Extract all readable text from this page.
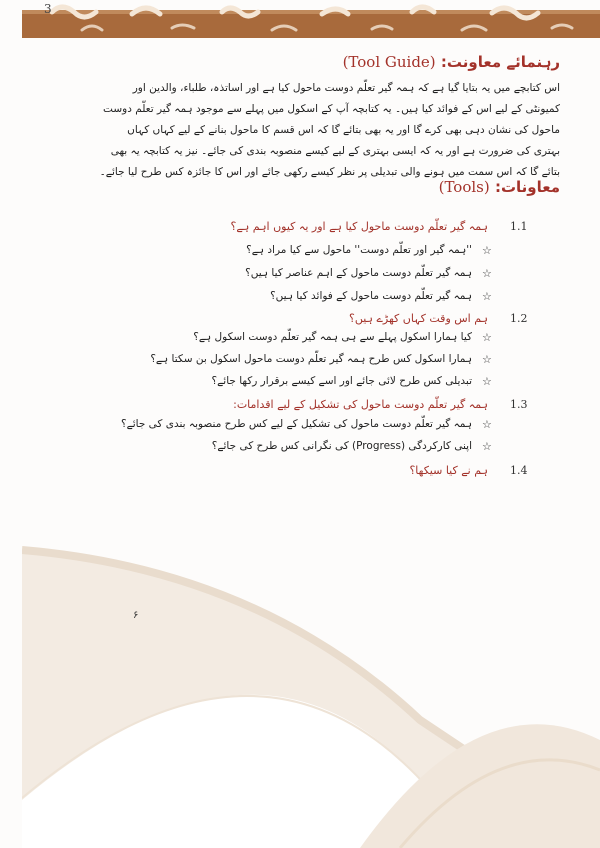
3
رہنمائے معاونت: (Tool Guide)
اس کتابچے میں یہ بتایا گیا ہے کہ ہمہ گیر تعلّم دوست ماحول کیا ہے اور اساتذہ، طلباء، والدین اور کمیونٹی کے لیے اس کے فوائد کیا ہیں۔ یہ کتابچہ آپ کے اسکول میں پہلے سے موجود ہمہ گیر تعلّم دوست ماحول کی نشان دہی بھی کرے گا اور یہ بھی بتائے گا کہ اس قسم کا ماحول بنانے کے لیے کہاں کہاں بہتری کی ضرورت ہے اور یہ کہ ایسی بہتری کے لیے کیسے منصوبہ بندی کی جائے۔ نیز یہ کتابچہ یہ بھی بتائے گا کہ اس سمت میں ہونے والی تبدیلی پر نظر کیسے رکھی جائے اور اس کا جائزہ کس طرح لیا جائے۔
معاونات: (Tools)
1.1
ہمہ گیر تعلّم دوست ماحول کیا ہے اور یہ کیوں اہم ہے؟
☆
''ہمہ گیر اور تعلّم دوست'' ماحول سے کیا مراد ہے؟
☆
ہمہ گیر تعلّم دوست ماحول کے اہم عناصر کیا ہیں؟
☆
ہمہ گیر تعلّم دوست ماحول کے فوائد کیا ہیں؟
1.2
ہم اس وقت کہاں کھڑے ہیں؟
☆
کیا ہمارا اسکول پہلے سے ہی ہمہ گیر تعلّم دوست اسکول ہے؟
☆
ہمارا اسکول کس طرح ہمہ گیر تعلّم دوست ماحول اسکول بن سکتا ہے؟
☆
تبدیلی کس طرح لائی جائے اور اسے کیسے برقرار رکھا جائے؟
1.3
ہمہ گیر تعلّم دوست ماحول کی تشکیل کے لیے اقدامات:
☆
ہمہ گیر تعلّم دوست ماحول کی تشکیل کے لیے کس طرح منصوبہ بندی کی جائے؟
☆
اپنی کارکردگی (Progress) کی نگرانی کس طرح کی جائے؟
1.4
ہم نے کیا سیکھا؟
۶
